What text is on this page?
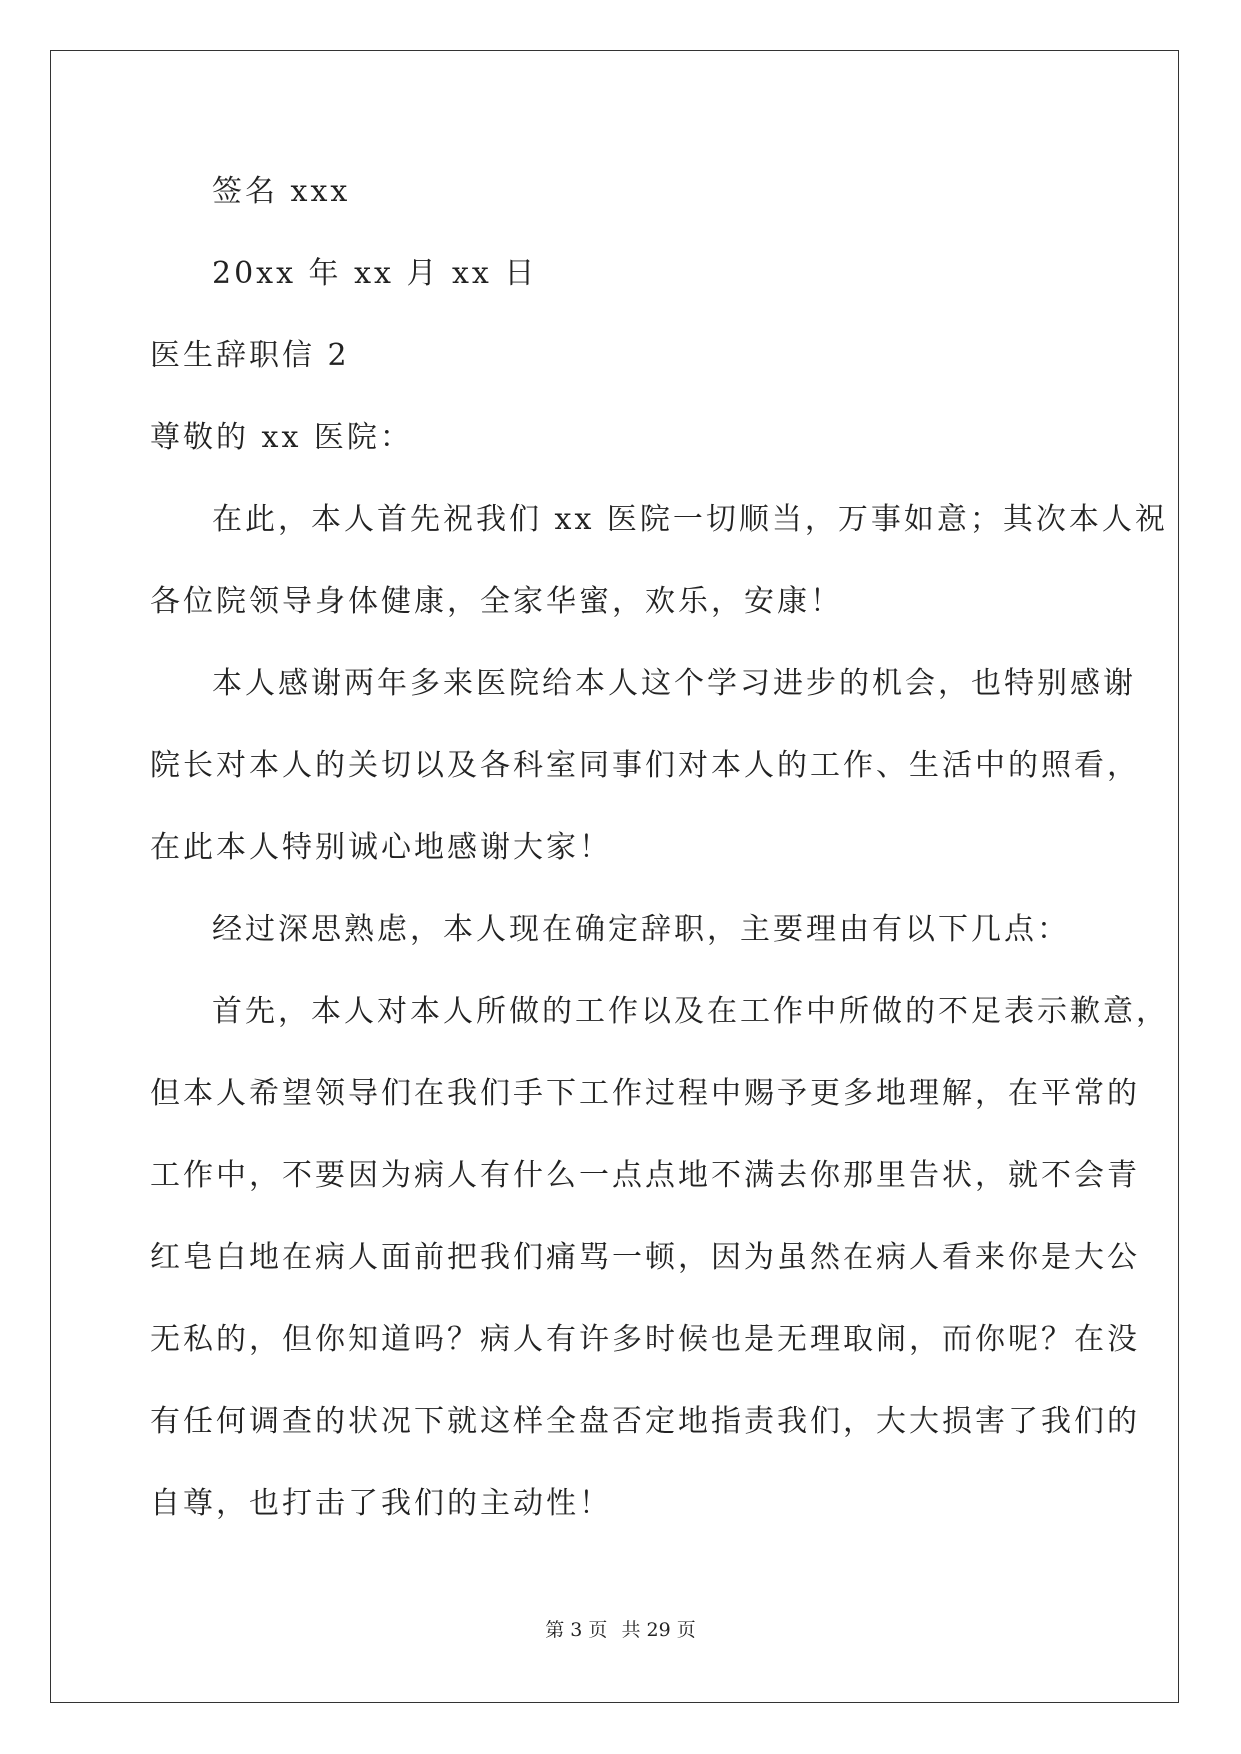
签名 xxx
20xx 年 xx 月 xx 日
医生辞职信 2
尊敬的 xx 医院：
在此，本人首先祝我们 xx 医院一切顺当，万事如意；其次本人祝
各位院领导身体健康，全家华蜜，欢乐，安康！
本人感谢两年多来医院给本人这个学习进步的机会，也特别感谢
院长对本人的关切以及各科室同事们对本人的工作、生活中的照看，
在此本人特别诚心地感谢大家！
经过深思熟虑，本人现在确定辞职，主要理由有以下几点：
首先，本人对本人所做的工作以及在工作中所做的不足表示歉意，
但本人希望领导们在我们手下工作过程中赐予更多地理解，在平常的
工作中，不要因为病人有什么一点点地不满去你那里告状，就不会青
红皂白地在病人面前把我们痛骂一顿，因为虽然在病人看来你是大公
无私的，但你知道吗？病人有许多时候也是无理取闹，而你呢？在没
有任何调查的状况下就这样全盘否定地指责我们，大大损害了我们的
自尊，也打击了我们的主动性！
第 3 页 共 29 页
